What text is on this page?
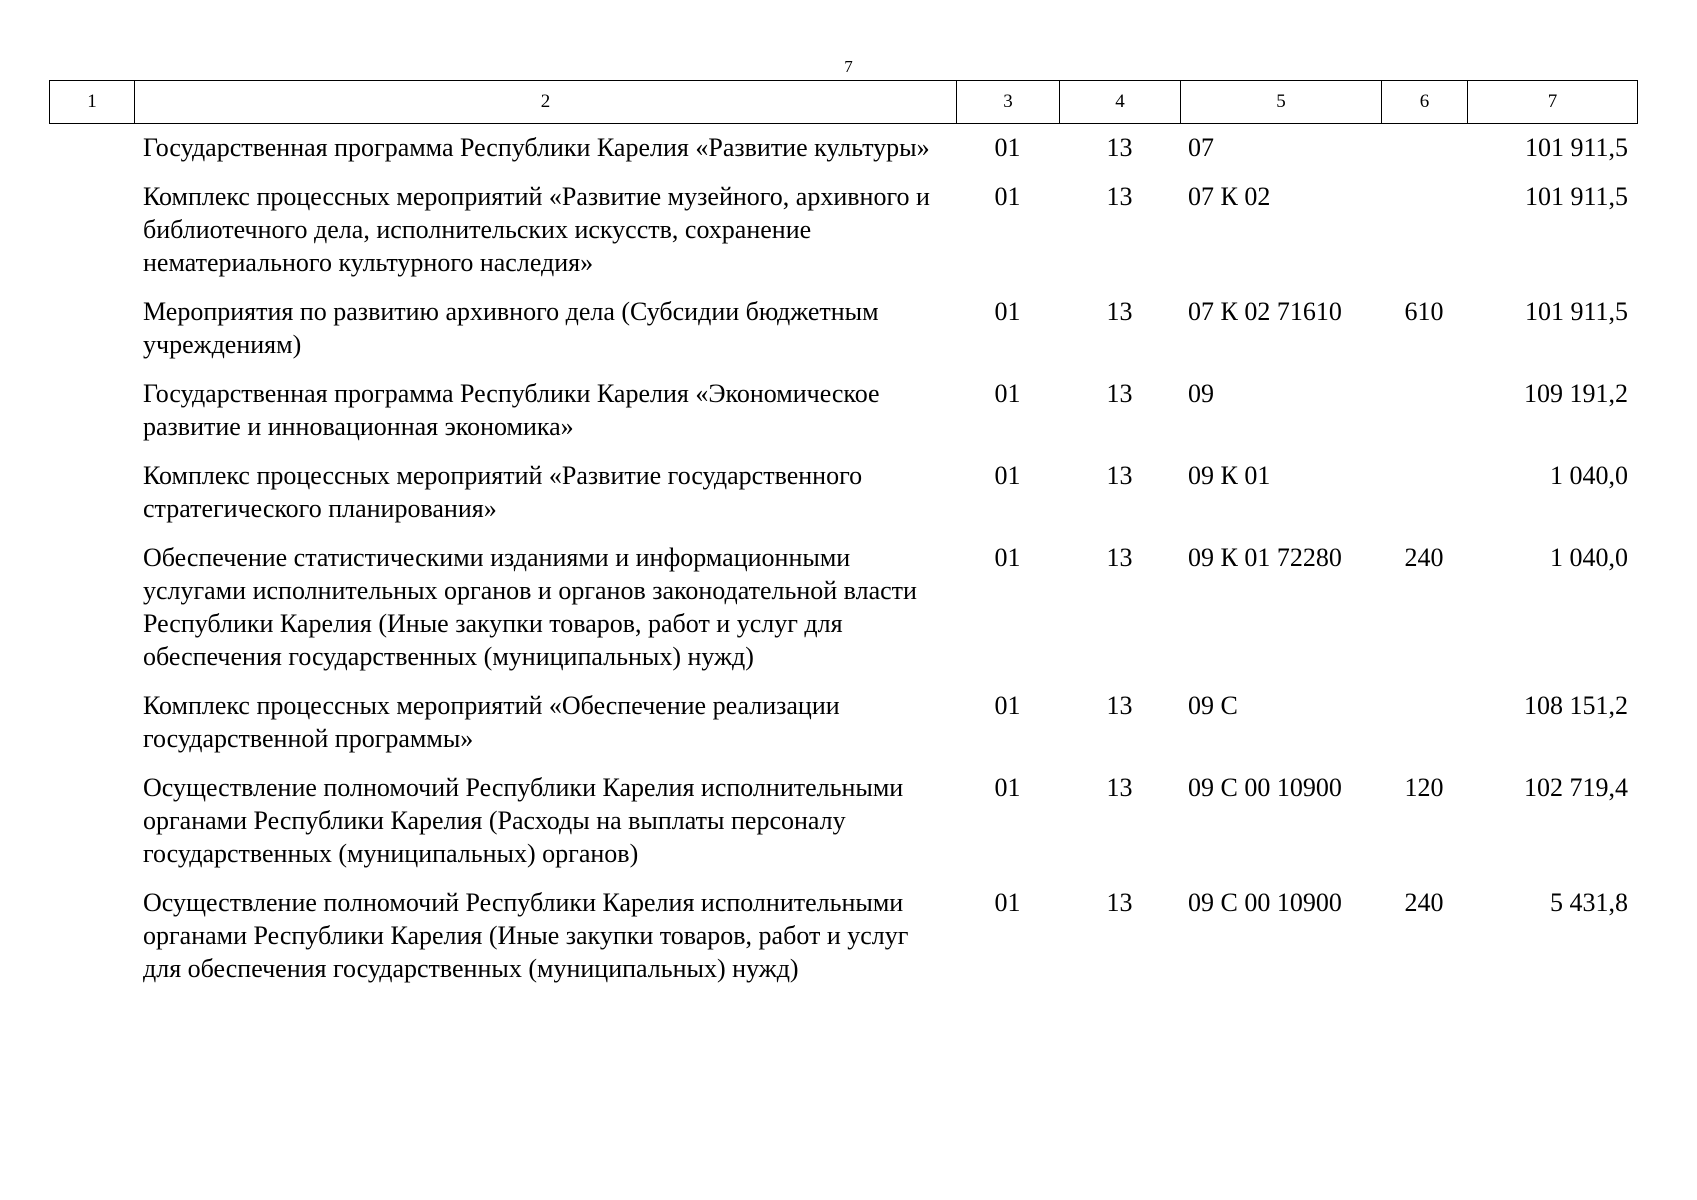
7
1	2	3	4	5	6	7
	Государственная программа Республики Карелия «Развитие культуры»	01	13	07		101 911,5
	Комплекс процессных мероприятий «Развитие музейного, архивного и библиотечного дела, исполнительских искусств, сохранение нематериального культурного наследия»	01	13	07 К 02		101 911,5
	Мероприятия по развитию архивного дела (Субсидии бюджетным учреждениям)	01	13	07 К 02 71610	610	101 911,5
	Государственная программа Республики Карелия «Экономическое развитие и инновационная экономика»	01	13	09		109 191,2
	Комплекс процессных мероприятий «Развитие государственного стратегического планирования»	01	13	09 К 01		1 040,0
	Обеспечение статистическими изданиями и информационными услугами исполнительных органов и органов законодательной власти Республики Карелия (Иные закупки товаров, работ и услуг для обеспечения государственных (муниципальных) нужд)	01	13	09 К 01 72280	240	1 040,0
	Комплекс процессных мероприятий «Обеспечение реализации государственной программы»	01	13	09 С		108 151,2
	Осуществление полномочий Республики Карелия исполнительными органами Республики Карелия (Расходы на выплаты персоналу государственных (муниципальных) органов)	01	13	09 С 00 10900	120	102 719,4
	Осуществление полномочий Республики Карелия исполнительными органами Республики Карелия (Иные закупки товаров, работ и услуг для обеспечения государственных (муниципальных) нужд)	01	13	09 С 00 10900	240	5 431,8
